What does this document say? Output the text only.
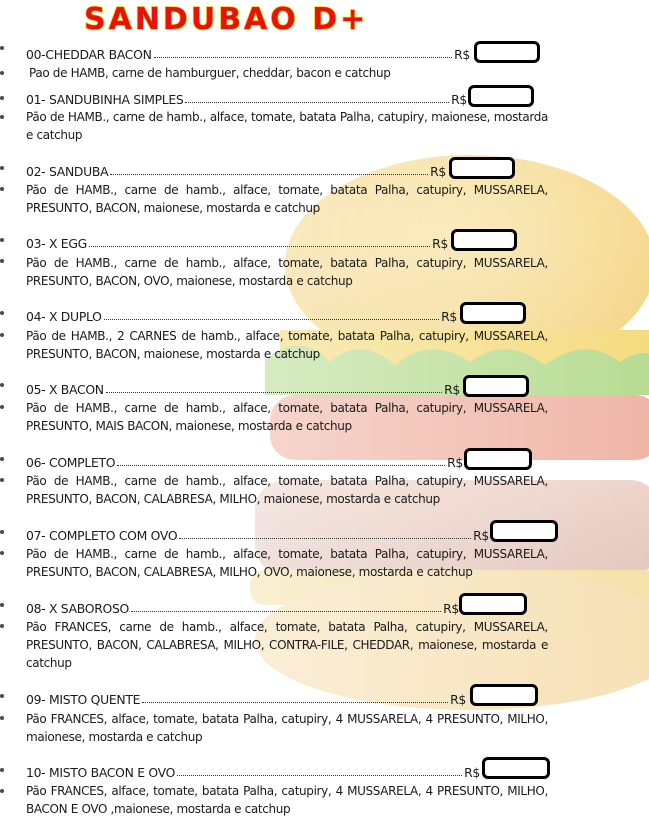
SANDUBAO D+
00-CHEDDAR BACON	R$
Pao de HAMB, carne de hamburguer, cheddar, bacon e catchup
01- SANDUBINHA SIMPLES	R$
Pão de HAMB., carne de hamb., alface, tomate, batata Palha, catupiry, maionese, mostarda e catchup
02- SANDUBA	R$
Pão de HAMB., carne de hamb., alface, tomate, batata Palha, catupiry, MUSSARELA, PRESUNTO, BACON, maionese, mostarda e catchup
03- X EGG	R$
Pão de HAMB., carne de hamb., alface, tomate, batata Palha, catupiry, MUSSARELA, PRESUNTO, BACON, OVO, maionese, mostarda e catchup
04- X DUPLO	R$
Pão de HAMB., 2 CARNES de hamb., alface, tomate, batata Palha, catupiry, MUSSARELA, PRESUNTO, BACON, maionese, mostarda e catchup
05- X BACON	R$
Pão de HAMB., carne de hamb., alface, tomate, batata Palha, catupiry, MUSSARELA, PRESUNTO, MAIS BACON, maionese, mostarda e catchup
06- COMPLETO	R$
Pão de HAMB., carne de hamb., alface, tomate, batata Palha, catupiry, MUSSARELA, PRESUNTO, BACON, CALABRESA, MILHO, maionese, mostarda e catchup
07- COMPLETO COM OVO	R$
Pão de HAMB., carne de hamb., alface, tomate, batata Palha, catupiry, MUSSARELA, PRESUNTO, BACON, CALABRESA, MILHO, OVO, maionese, mostarda e catchup
08- X SABOROSO	R$
Pão FRANCES, carne de hamb., alface, tomate, batata Palha, catupiry, MUSSARELA, PRESUNTO, BACON, CALABRESA, MILHO, CONTRA-FILE, CHEDDAR, maionese, mostarda e catchup
09- MISTO QUENTE	R$
Pão FRANCES, alface, tomate, batata Palha, catupiry, 4 MUSSARELA, 4 PRESUNTO, MILHO, maionese, mostarda e catchup
10- MISTO BACON E OVO	R$
Pão FRANCES, alface, tomate, batata Palha, catupiry, 4 MUSSARELA, 4 PRESUNTO, MILHO, BACON E OVO ,maionese, mostarda e catchup
